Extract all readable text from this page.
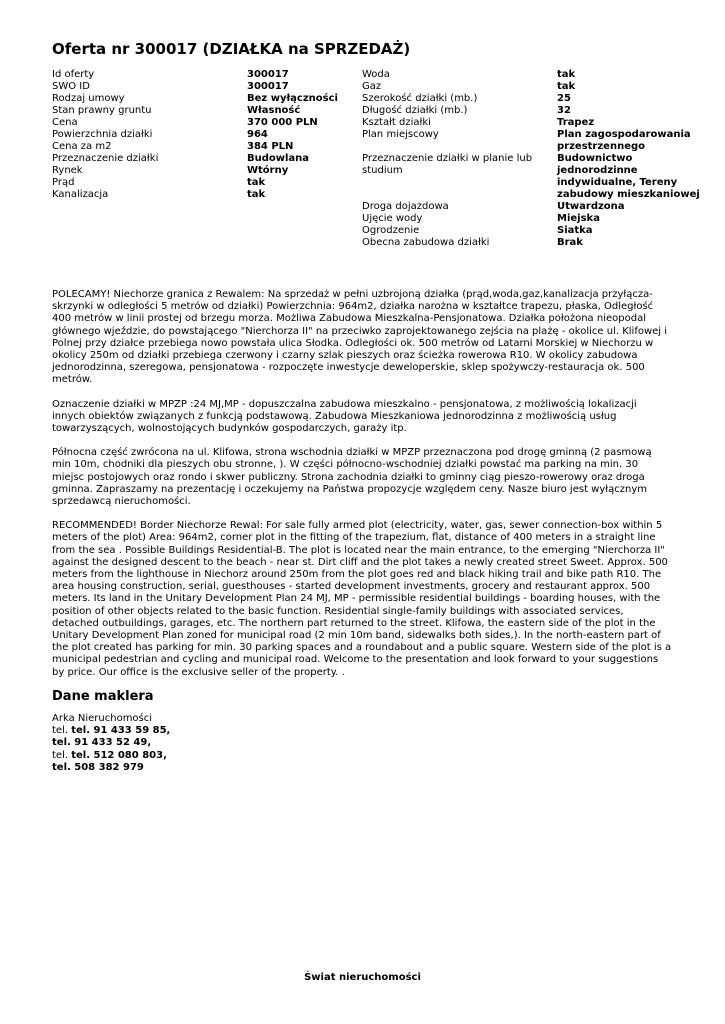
Oferta nr 300017 (DZIAŁKA na SPRZEDAŻ)
Id oferty	300017	Woda	tak
SWO ID	300017	Gaz	tak
Rodzaj umowy	Bez wyłączności	Szerokość działki (mb.)	25
Stan prawny gruntu	Własność	Długość działki (mb.)	32
Cena	370 000 PLN	Kształt działki	Trapez
Powierzchnia działki	964	Plan miejscowy	Plan zagospodarowania przestrzennego
Cena za m2	384 PLN		
Przeznaczenie działki	Budowlana	Przeznaczenie działki w planie lub studium	Budownictwo jednorodzinne indywidualne, Tereny zabudowy mieszkaniowej
Rynek	Wtórny		
Prąd	tak		
Kanalizacja	tak		
		Droga dojazdowa	Utwardzona
		Ujęcie wody	Miejska
		Ogrodzenie	Siatka
		Obecna zabudowa działki	Brak

POLECAMY! Niechorze granica z Rewalem: Na sprzedaż w pełni uzbrojoną działka (prąd,woda,gaz,kanalizacja przyłącza-skrzynki w odległości 5 metrów od działki) Powierzchnia: 964m2, działka narożna w kształtce trapezu, płaska, Odległość 400 metrów w linii prostej od brzegu morza. Możliwa Zabudowa Mieszkalna-Pensjonatowa. Działka położona nieopodal głównego wjeździe, do powstającego "Nierchorza II" na przeciwko zaprojektowanego zejścia na plażę - okolice ul. Klifowej i Polnej przy działce przebiega nowo powstała ulica Słodka. Odległości ok. 500 metrów od Latarni Morskiej w Niechorzu w okolicy 250m od działki przebiega czerwony i czarny szlak pieszych oraz ścieżka rowerowa R10. W okolicy zabudowa jednorodzinna, szeregowa, pensjonatowa - rozpoczęte inwestycje deweloperskie, sklep spożywczy-restauracja ok. 500 metrów.

Oznaczenie działki w MPZP :24 MJ,MP - dopuszczalna zabudowa mieszkalno - pensjonatowa, z możliwością lokalizacji innych obiektów związanych z funkcją podstawową. Zabudowa Mieszkaniowa jednorodzinna z możliwością usług towarzyszących, wolnostojących budynków gospodarczych, garaży itp.

Północna część zwrócona na ul. Klifowa, strona wschodnia działki w MPZP przeznaczona pod drogę gminną (2 pasmową min 10m, chodniki dla pieszych obu stronne, ). W części północno-wschodniej działki powstać ma parking na min. 30 miejsc postojowych oraz rondo i skwer publiczny. Strona zachodnia działki to gminny ciąg pieszo-rowerowy oraz droga gminna. Zapraszamy na prezentację i oczekujemy na Państwa propozycje względem ceny. Nasze biuro jest wyłącznym sprzedawcą nieruchomości.

RECOMMENDED! Border Niechorze Rewal: For sale fully armed plot (electricity, water, gas, sewer connection-box within 5 meters of the plot) Area: 964m2, corner plot in the fitting of the trapezium, flat, distance of 400 meters in a straight line from the sea . Possible Buildings Residential-B. The plot is located near the main entrance, to the emerging "Nierchorza II" against the designed descent to the beach - near st. Dirt cliff and the plot takes a newly created street Sweet. Approx. 500 meters from the lighthouse in Niechorz around 250m from the plot goes red and black hiking trail and bike path R10. The area housing construction, serial, guesthouses - started development investments, grocery and restaurant approx. 500 meters. Its land in the Unitary Development Plan 24 MJ, MP - permissible residential buildings - boarding houses, with the position of other objects related to the basic function. Residential single-family buildings with associated services, detached outbuildings, garages, etc. The northern part returned to the street. Klifowa, the eastern side of the plot in the Unitary Development Plan zoned for municipal road (2 min 10m band, sidewalks both sides,). In the north-eastern part of the plot created has parking for min. 30 parking spaces and a roundabout and a public square. Western side of the plot is a municipal pedestrian and cycling and municipal road. Welcome to the presentation and look forward to your suggestions by price. Our office is the exclusive seller of the property. .

Dane maklera
Arka Nieruchomości
tel. tel. 91 433 59 85,
tel. 91 433 52 49,
tel. tel. 512 080 803,
tel. 508 382 979
Świat nieruchomości
